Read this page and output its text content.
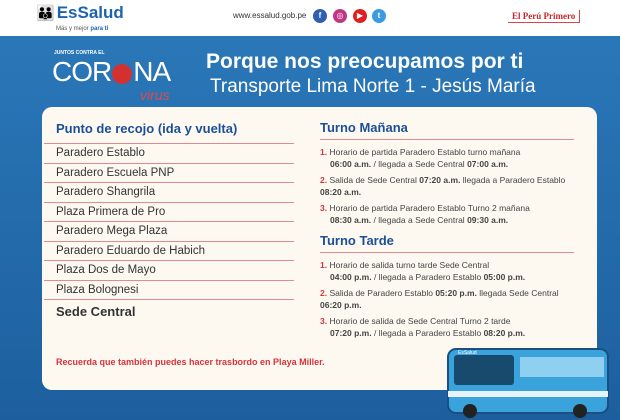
👪 EsSalud
Más y mejor para ti
www.essalud.gob.pe	f	◎	▶	t	El Perú Primero
JUNTOS CONTRA EL
COR NA
virus
Porque nos preocupamos por ti
Transporte Lima Norte 1 - Jesús María
Punto de recojo (ida y vuelta)
Paradero Establo
Paradero Escuela PNP
Paradero Shangrila
Plaza Primera de Pro
Paradero Mega Plaza
Paradero Eduardo de Habich
Plaza Dos de Mayo
Plaza Bolognesi
Sede Central
Recuerda que también puedes hacer trasbordo en Playa Miller.
Turno Mañana
1. Horario de partida Paradero Establo turno mañana
06:00 a.m. / llegada a Sede Central 07:00 a.m.
2. Salida de Sede Central 07:20 a.m. llegada a Paradero Establo 08:20 a.m.
3. Horario de partida Paradero Establo Turno 2 mañana
08:30 a.m. / llegada a Sede Central 09:30 a.m.
Turno Tarde
1. Horario de salida turno tarde Sede Central
04:00 p.m. / llegada a Paradero Establo 05:00 p.m.
2. Salida de Paradero Establo 05:20 p.m. llegada Sede Central 06:20 p.m.
3. Horario de salida de Sede Central Turno 2 tarde
07:20 p.m. / llegada a Paradero Establo 08:20 p.m.
EsSalud
